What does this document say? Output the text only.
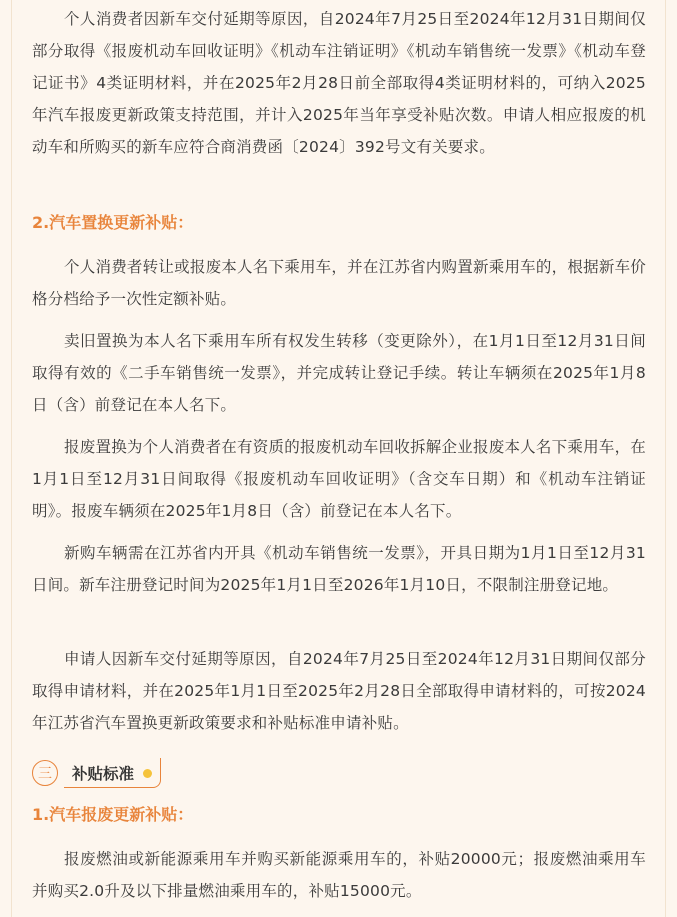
个人消费者因新车交付延期等原因，自2024年7月25日至2024年12月31日期间仅部分取得《报废机动车回收证明》《机动车注销证明》《机动车销售统一发票》《机动车登记证书》4类证明材料，并在2025年2月28日前全部取得4类证明材料的，可纳入2025年汽车报废更新政策支持范围，并计入2025年当年享受补贴次数。申请人相应报废的机动车和所购买的新车应符合商消费函〔2024〕392号文有关要求。

2.汽车置换更新补贴：

个人消费者转让或报废本人名下乘用车，并在江苏省内购置新乘用车的，根据新车价格分档给予一次性定额补贴。

卖旧置换为本人名下乘用车所有权发生转移（变更除外），在1月1日至12月31日间取得有效的《二手车销售统一发票》，并完成转让登记手续。转让车辆须在2025年1月8日（含）前登记在本人名下。

报废置换为个人消费者在有资质的报废机动车回收拆解企业报废本人名下乘用车，在1月1日至12月31日间取得《报废机动车回收证明》（含交车日期）和《机动车注销证明》。报废车辆须在2025年1月8日（含）前登记在本人名下。

新购车辆需在江苏省内开具《机动车销售统一发票》，开具日期为1月1日至12月31日间。新车注册登记时间为2025年1月1日至2026年1月10日，不限制注册登记地。

申请人因新车交付延期等原因，自2024年7月25日至2024年12月31日期间仅部分取得申请材料，并在2025年1月1日至2025年2月28日全部取得申请材料的，可按2024年江苏省汽车置换更新政策要求和补贴标准申请补贴。

三	补贴标准

1.汽车报废更新补贴：

报废燃油或新能源乘用车并购买新能源乘用车的，补贴20000元；报废燃油乘用车并购买2.0升及以下排量燃油乘用车的，补贴15000元。
